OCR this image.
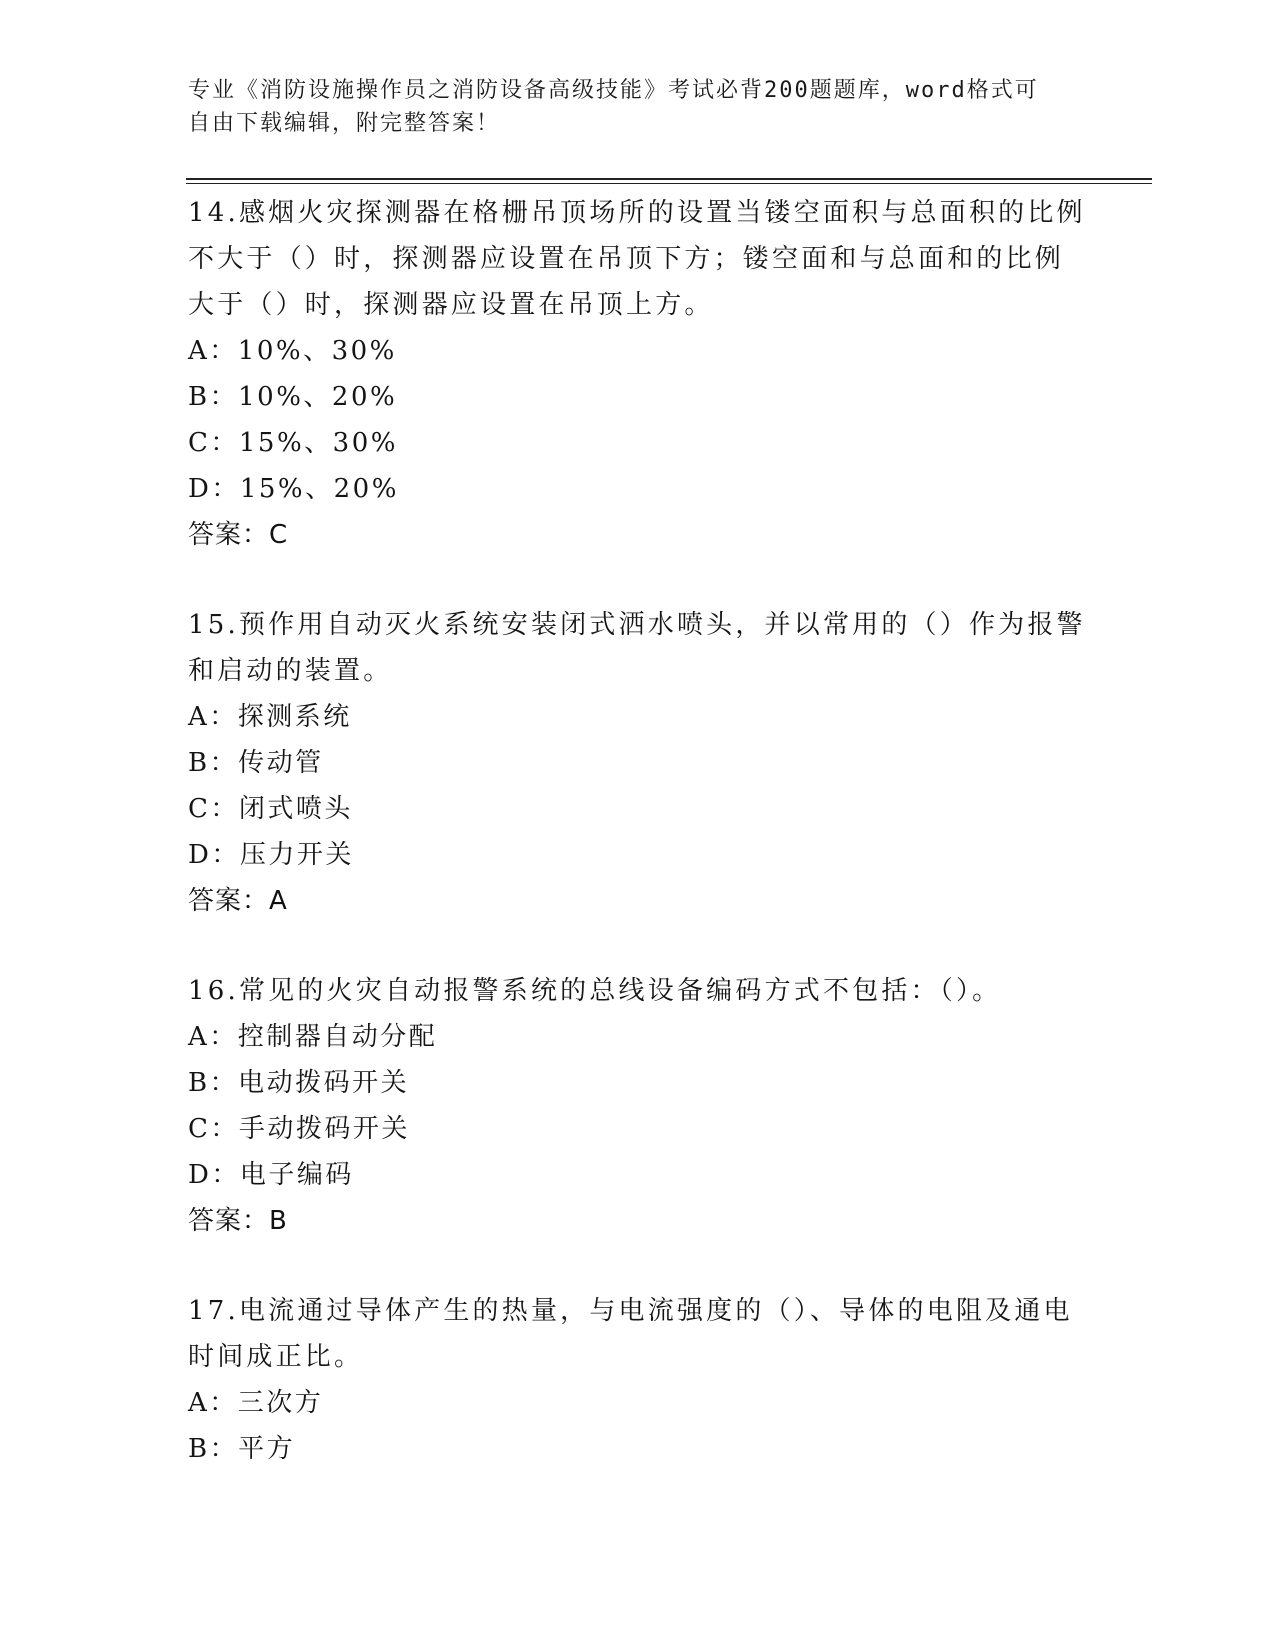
专业《消防设施操作员之消防设备高级技能》考试必背200题题库，word格式可
自由下载编辑，附完整答案！

14.感烟火灾探测器在格栅吊顶场所的设置当镂空面积与总面积的比例

不大于（）时，探测器应设置在吊顶下方；镂空面和与总面和的比例

大于（）时，探测器应设置在吊顶上方。

A：10%、30%

B：10%、20%

C：15%、30%

D：15%、20%

答案：C

15.预作用自动灭火系统安装闭式洒水喷头，并以常用的（）作为报警

和启动的装置。

A：探测系统

B：传动管

C：闭式喷头

D：压力开关

答案：A

16.常见的火灾自动报警系统的总线设备编码方式不包括：（）。

A：控制器自动分配

B：电动拨码开关

C：手动拨码开关

D：电子编码

答案：B

17.电流通过导体产生的热量，与电流强度的（）、导体的电阻及通电

时间成正比。

A：三次方

B：平方
